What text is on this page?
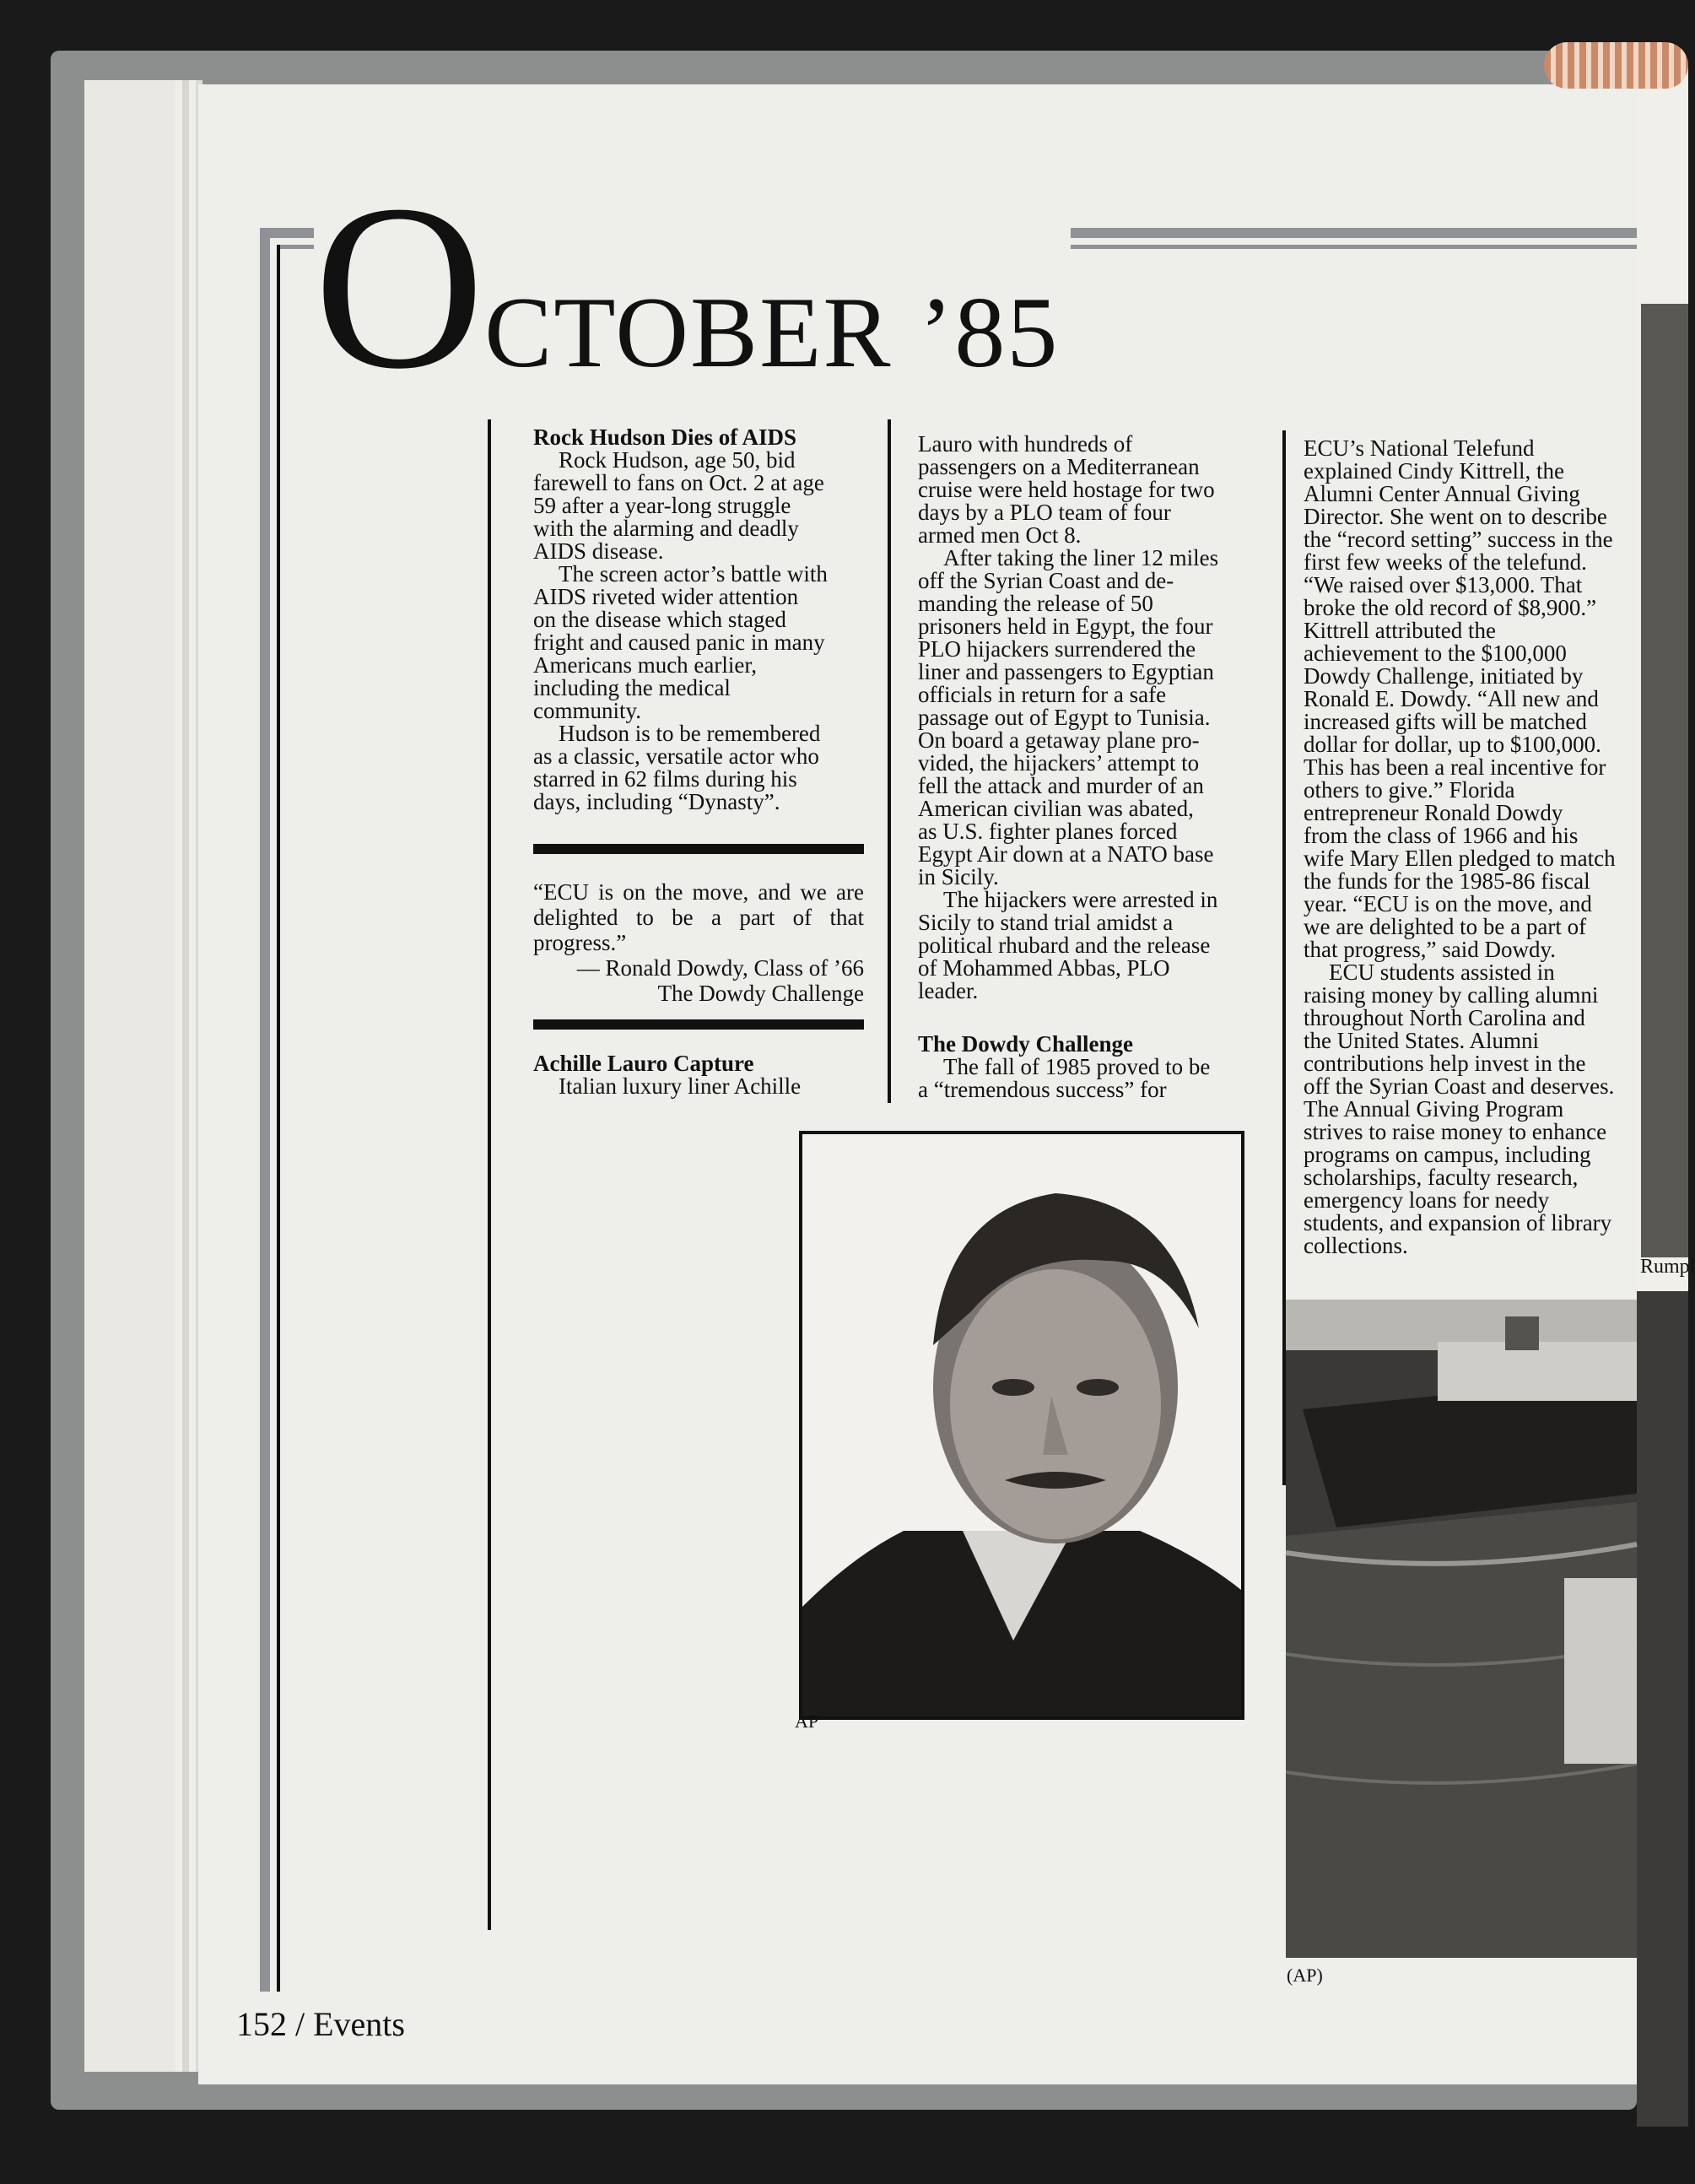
Rumpl
OCTOBER ’85

Rock Hudson Dies of AIDS

Rock Hudson, age 50, bid

farewell to fans on Oct. 2 at age

59 after a year-long struggle

with the alarming and deadly

AIDS disease.

The screen actor’s battle with

AIDS riveted wider attention

on the disease which staged

fright and caused panic in many

Americans much earlier,

including the medical

community.

Hudson is to be remembered

as a classic, versatile actor who

starred in 62 films during his

days, including “Dynasty”.

“ECU is on the move, and we are delighted to be a part of that progress.”
— Ronald Dowdy, Class of ’66
The Dowdy Challenge

Achille Lauro Capture

Italian luxury liner Achille

Lauro with hundreds of

passengers on a Mediterranean

cruise were held hostage for two

days by a PLO team of four

armed men Oct 8.

After taking the liner 12 miles

off the Syrian Coast and de-

manding the release of 50

prisoners held in Egypt, the four

PLO hijackers surrendered the

liner and passengers to Egyptian

officials in return for a safe

passage out of Egypt to Tunisia.

On board a getaway plane pro-

vided, the hijackers’ attempt to

fell the attack and murder of an

American civilian was abated,

as U.S. fighter planes forced

Egypt Air down at a NATO base

in Sicily.

The hijackers were arrested in

Sicily to stand trial amidst a

political rhubard and the release

of Mohammed Abbas, PLO

leader.

The Dowdy Challenge

The fall of 1985 proved to be

a “tremendous success” for

ECU’s National Telefund

explained Cindy Kittrell, the

Alumni Center Annual Giving

Director. She went on to describe

the “record setting” success in the

first few weeks of the telefund.

“We raised over $13,000. That

broke the old record of $8,900.”

Kittrell attributed the

achievement to the $100,000

Dowdy Challenge, initiated by

Ronald E. Dowdy. “All new and

increased gifts will be matched

dollar for dollar, up to $100,000.

This has been a real incentive for

others to give.” Florida

entrepreneur Ronald Dowdy

from the class of 1966 and his

wife Mary Ellen pledged to match

the funds for the 1985-86 fiscal

year. “ECU is on the move, and

we are delighted to be a part of

that progress,” said Dowdy.

ECU students assisted in

raising money by calling alumni

throughout North Carolina and

the United States. Alumni

contributions help invest in the

off the Syrian Coast and deserves.

The Annual Giving Program

strives to raise money to enhance

programs on campus, including

scholarships, faculty research,

emergency loans for needy

students, and expansion of library

collections.

AP
(AP)
152 / Events
